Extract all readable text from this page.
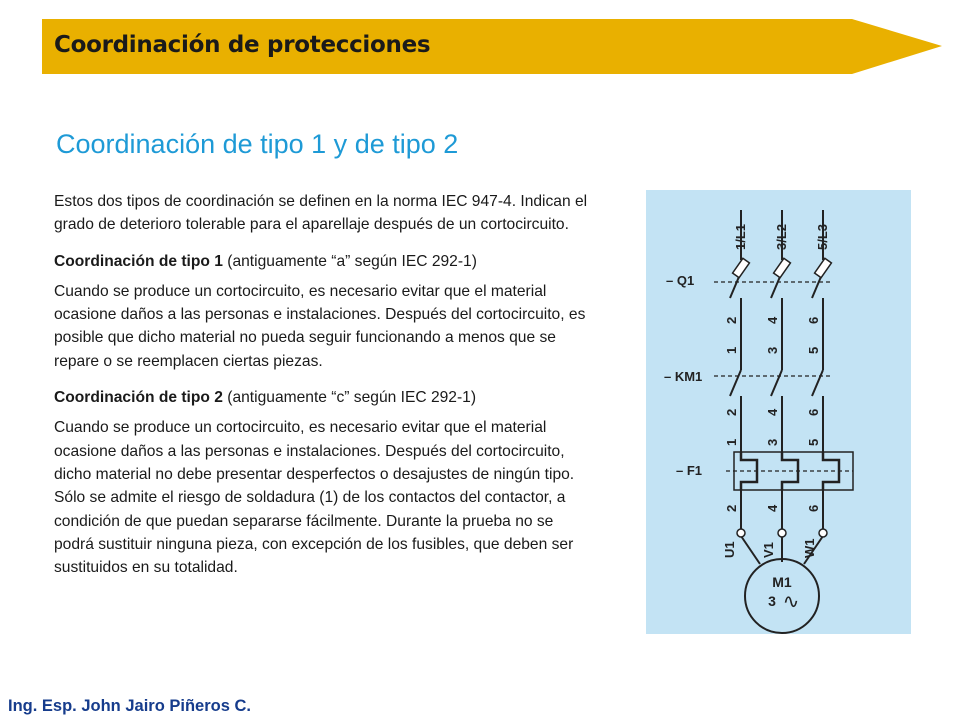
Coordinación de protecciones
Coordinación de tipo 1 y de tipo 2

Estos dos tipos de coordinación se definen en la norma IEC 947-4. Indican el grado de deterioro tolerable para el aparellaje después de un cortocircuito.

Coordinación de tipo 1 (antiguamente “a” según IEC 292-1)

Cuando se produce un cortocircuito, es necesario evitar que el material ocasione daños a las personas e instalaciones. Después del cortocircuito, es posible que dicho material no pueda seguir funcionando a menos que se repare o se reemplacen ciertas piezas.

Coordinación de tipo 2 (antiguamente “c” según IEC 292-1)

Cuando se produce un cortocircuito, es necesario evitar que el material ocasione daños a las personas e instalaciones. Después del cortocircuito, dicho material no debe presentar desperfectos o desajustes de ningún tipo. Sólo se admite el riesgo de soldadura (1) de los contactos del contactor, a condición de que puedan separarse fácilmente. Durante la prueba no se podrá sustituir ninguna pieza, con excepción de los fusibles, que deben ser sustituidos en su totalidad.

1/L1 3/L2 5/L3
– Q1
2 4 6
1 3 5
– KM1
2 4 6
1 3 5
– F1
2 4 6
U1 V1 W1
M1
3 ∿
Ing. Esp. John Jairo Piñeros C.
